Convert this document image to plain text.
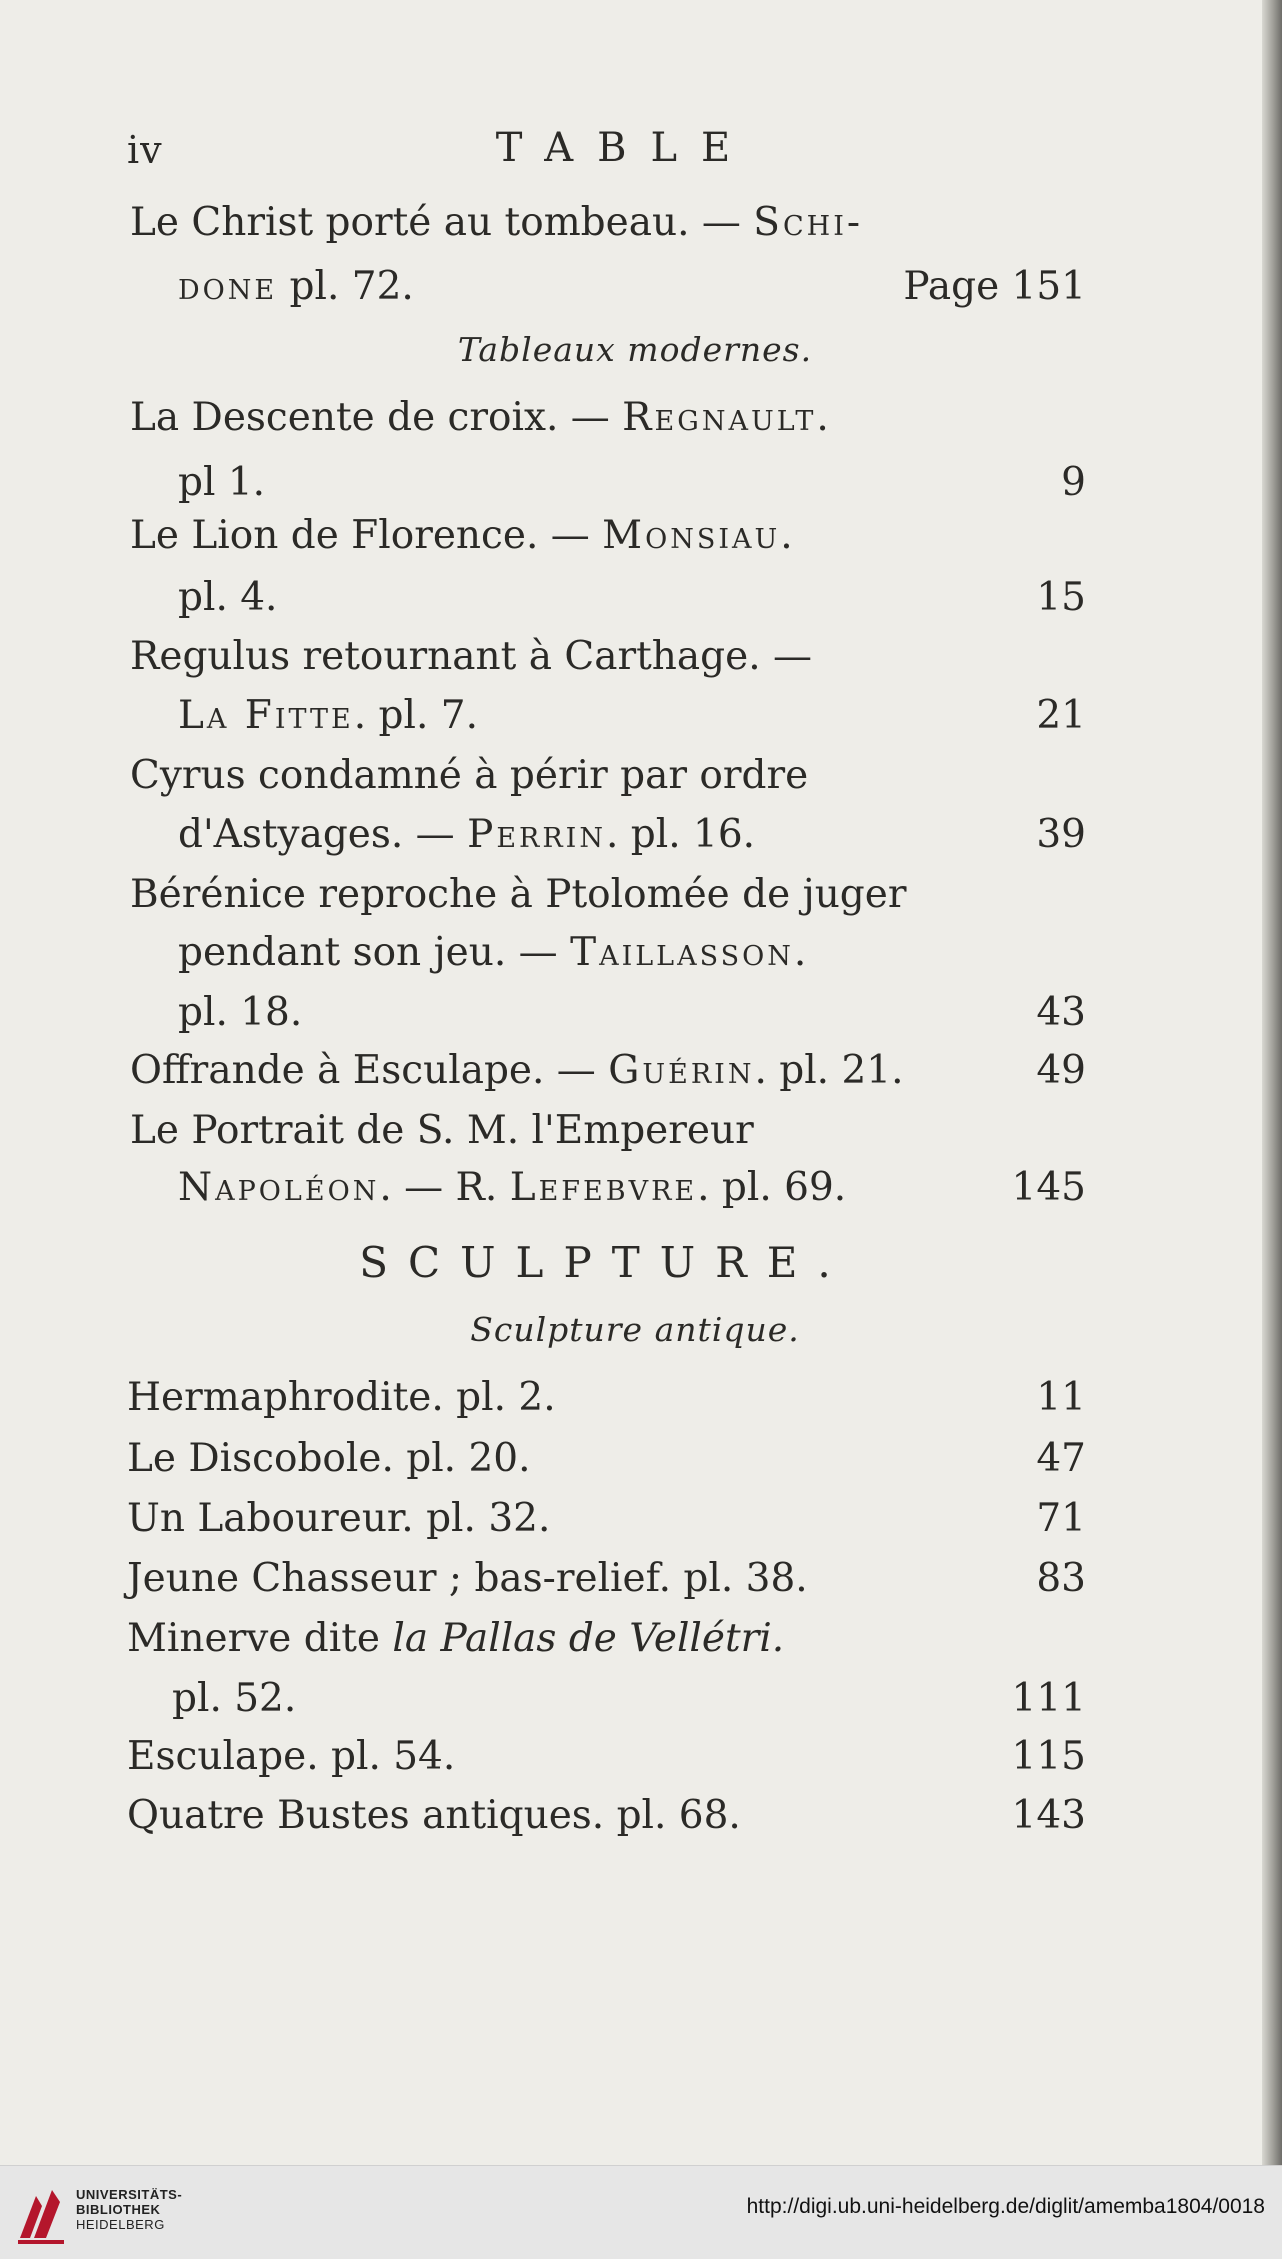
iv	TABLE
Le Christ porté au tombeau. — Schi-
done pl. 72.	Page 151
Tableaux modernes.
La Descente de croix. — Regnault.
pl 1.	9
Le Lion de Florence. — Monsiau.
pl. 4.	15
Regulus retournant à Carthage. —
La Fitte. pl. 7.	21
Cyrus condamné à périr par ordre
d'Astyages. — Perrin. pl. 16.	39
Bérénice reproche à Ptolomée de juger
pendant son jeu. — Taillasson.
pl. 18.	43
Offrande à Esculape. — Guérin. pl. 21.	49
Le Portrait de S. M. l'Empereur
Napoléon. — R. Lefebvre. pl. 69.	145
SCULPTURE.
Sculpture antique.
Hermaphrodite. pl. 2.	11
Le Discobole. pl. 20.	47
Un Laboureur. pl. 32.	71
Jeune Chasseur ; bas-relief. pl. 38.	83
Minerve dite la Pallas de Vellétri.
pl. 52.	111
Esculape. pl. 54.	115
Quatre Bustes antiques. pl. 68.	143
UNIVERSITÄTS-
BIBLIOTHEK
HEIDELBERG
http://digi.ub.uni-heidelberg.de/diglit/amemba1804/0018
